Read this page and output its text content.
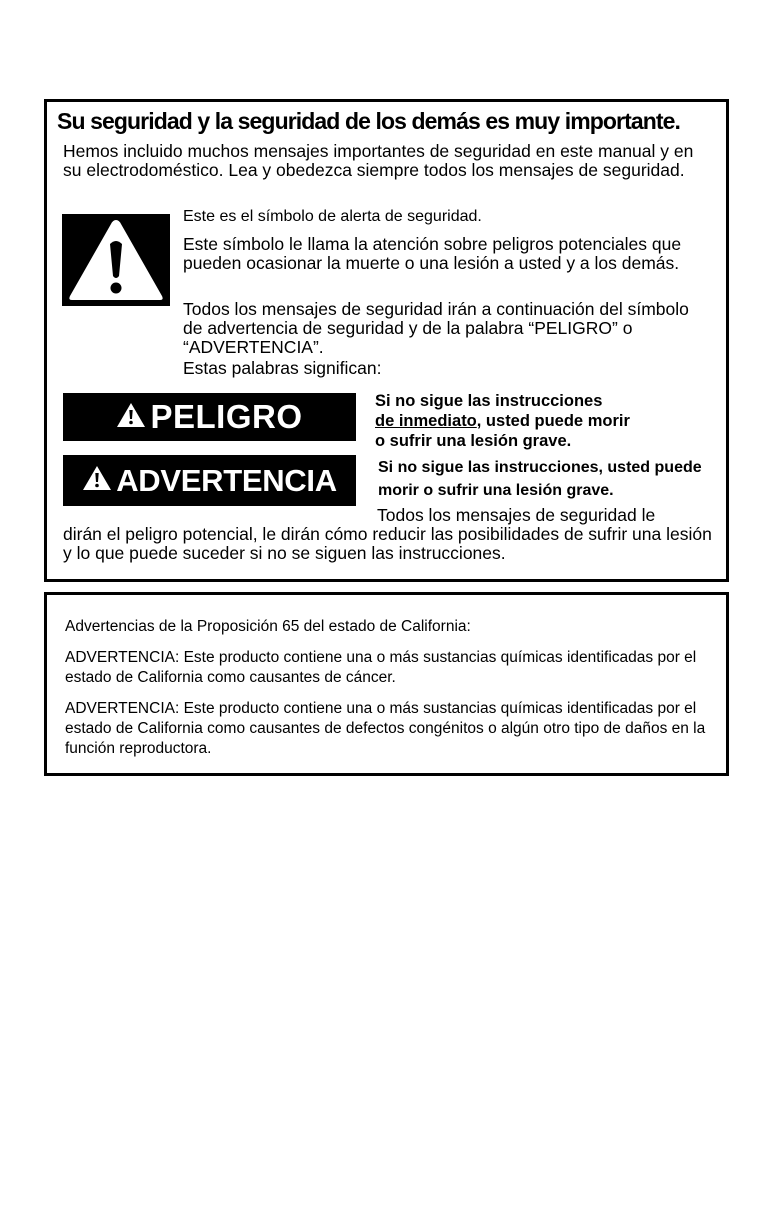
Su seguridad y la seguridad de los demás es muy importante.
Hemos incluido muchos mensajes importantes de seguridad en este manual y en su electrodoméstico. Lea y obedezca siempre todos los mensajes de seguridad.
Este es el símbolo de alerta de seguridad.
Este símbolo le llama la atención sobre peligros potenciales que pueden ocasionar la muerte o una lesión a usted y a los demás.
Todos los mensajes de seguridad irán a continuación del símbolo de advertencia de seguridad y de la palabra “PELIGRO” o “ADVERTENCIA”.
Estas palabras significan:
PELIGRO	Si no sigue las instrucciones
de inmediato, usted puede morir
o sufrir una lesión grave.
ADVERTENCIA	Si no sigue las instrucciones, usted puede morir o sufrir una lesión grave.
Todos los mensajes de seguridad le
dirán el peligro potencial, le dirán cómo reducir las posibilidades de sufrir una lesión y lo que puede suceder si no se siguen las instrucciones.
Advertencias de la Proposición 65 del estado de California:
ADVERTENCIA: Este producto contiene una o más sustancias químicas identificadas por el estado de California como causantes de cáncer.
ADVERTENCIA: Este producto contiene una o más sustancias químicas identificadas por el estado de California como causantes de defectos congénitos o algún otro tipo de daños en la función reproductora.
